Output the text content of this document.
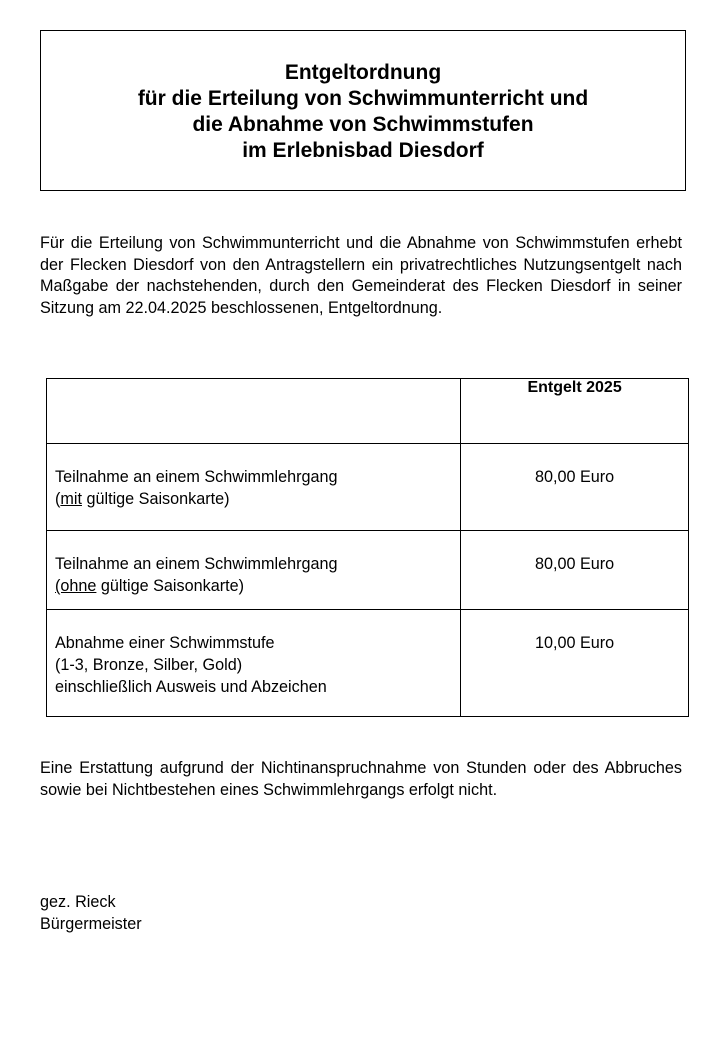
Entgeltordnung
für die Erteilung von Schwimmunterricht und
die Abnahme von Schwimmstufen
im Erlebnisbad Diesdorf

Für die Erteilung von Schwimmunterricht und die Abnahme von Schwimmstufen erhebt der Flecken Diesdorf von den Antragstellern ein privatrechtliches Nutzungsentgelt nach Maßgabe der nachstehenden, durch den Gemeinderat des Flecken Diesdorf in seiner Sitzung am 22.04.2025 beschlossenen, Entgeltordnung.

	Entgelt 2025

Teilnahme an einem Schwimmlehrgang
(mit gültige Saisonkarte)	80,00 Euro

Teilnahme an einem Schwimmlehrgang
(ohne gültige Saisonkarte)	80,00 Euro

Abnahme einer Schwimmstufe
(1-3, Bronze, Silber, Gold)
einschließlich Ausweis und Abzeichen	10,00 Euro

Eine Erstattung aufgrund der Nichtinanspruchnahme von Stunden oder des Abbruches sowie bei Nichtbestehen eines Schwimmlehrgangs erfolgt nicht.

gez. Rieck
Bürgermeister
